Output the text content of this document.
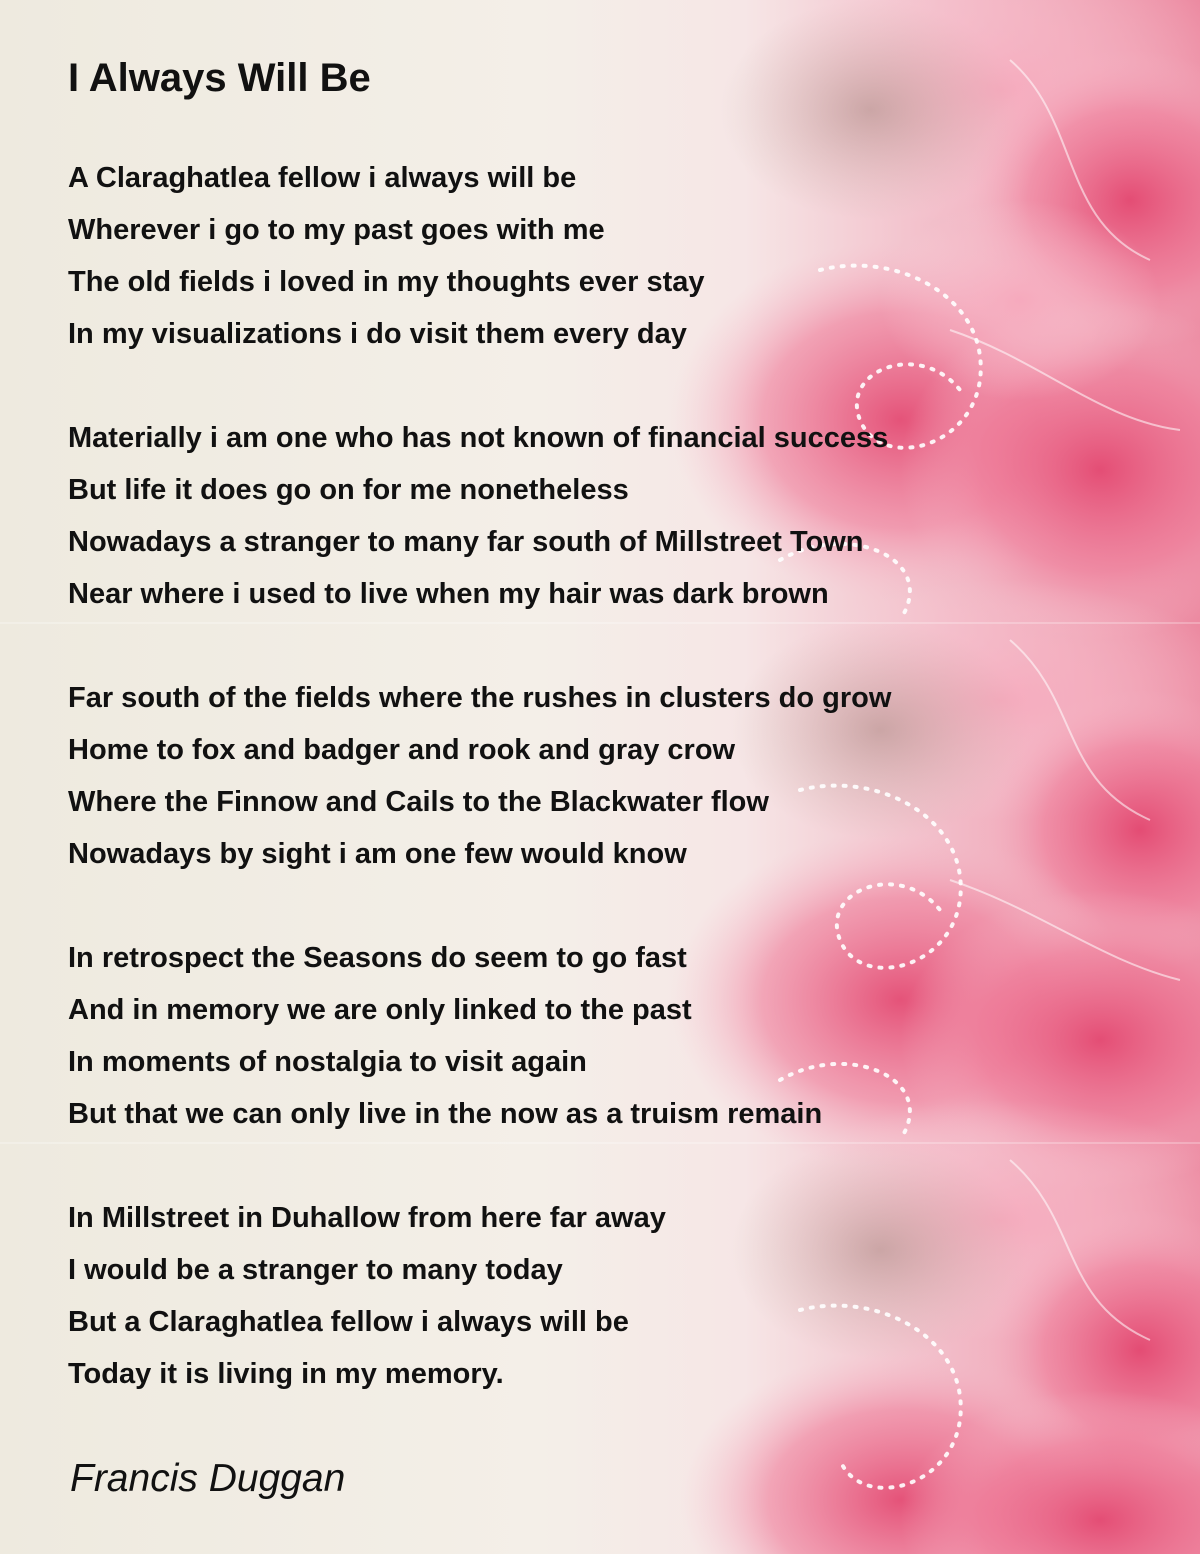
I Always Will Be
A Claraghatlea fellow i always will be
Wherever i go to my past goes with me
The old fields i loved in my thoughts ever stay
In my visualizations i do visit them every day
Materially i am one who has not known of financial success
But life it does go on for me nonetheless
Nowadays a stranger to many far south of Millstreet Town
Near where i used to live when my hair was dark brown
Far south of the fields where the rushes in clusters do grow
Home to fox and badger and rook and gray crow
Where the Finnow and Cails to the Blackwater flow
Nowadays by sight i am one few would know
In retrospect the Seasons do seem to go fast
And in memory we are only linked to the past
In moments of nostalgia to visit again
But that we can only live in the now as a truism remain
In Millstreet in Duhallow from here far away
I would be a stranger to many today
But a Claraghatlea fellow i always will be
Today it is living in my memory.
Francis Duggan
